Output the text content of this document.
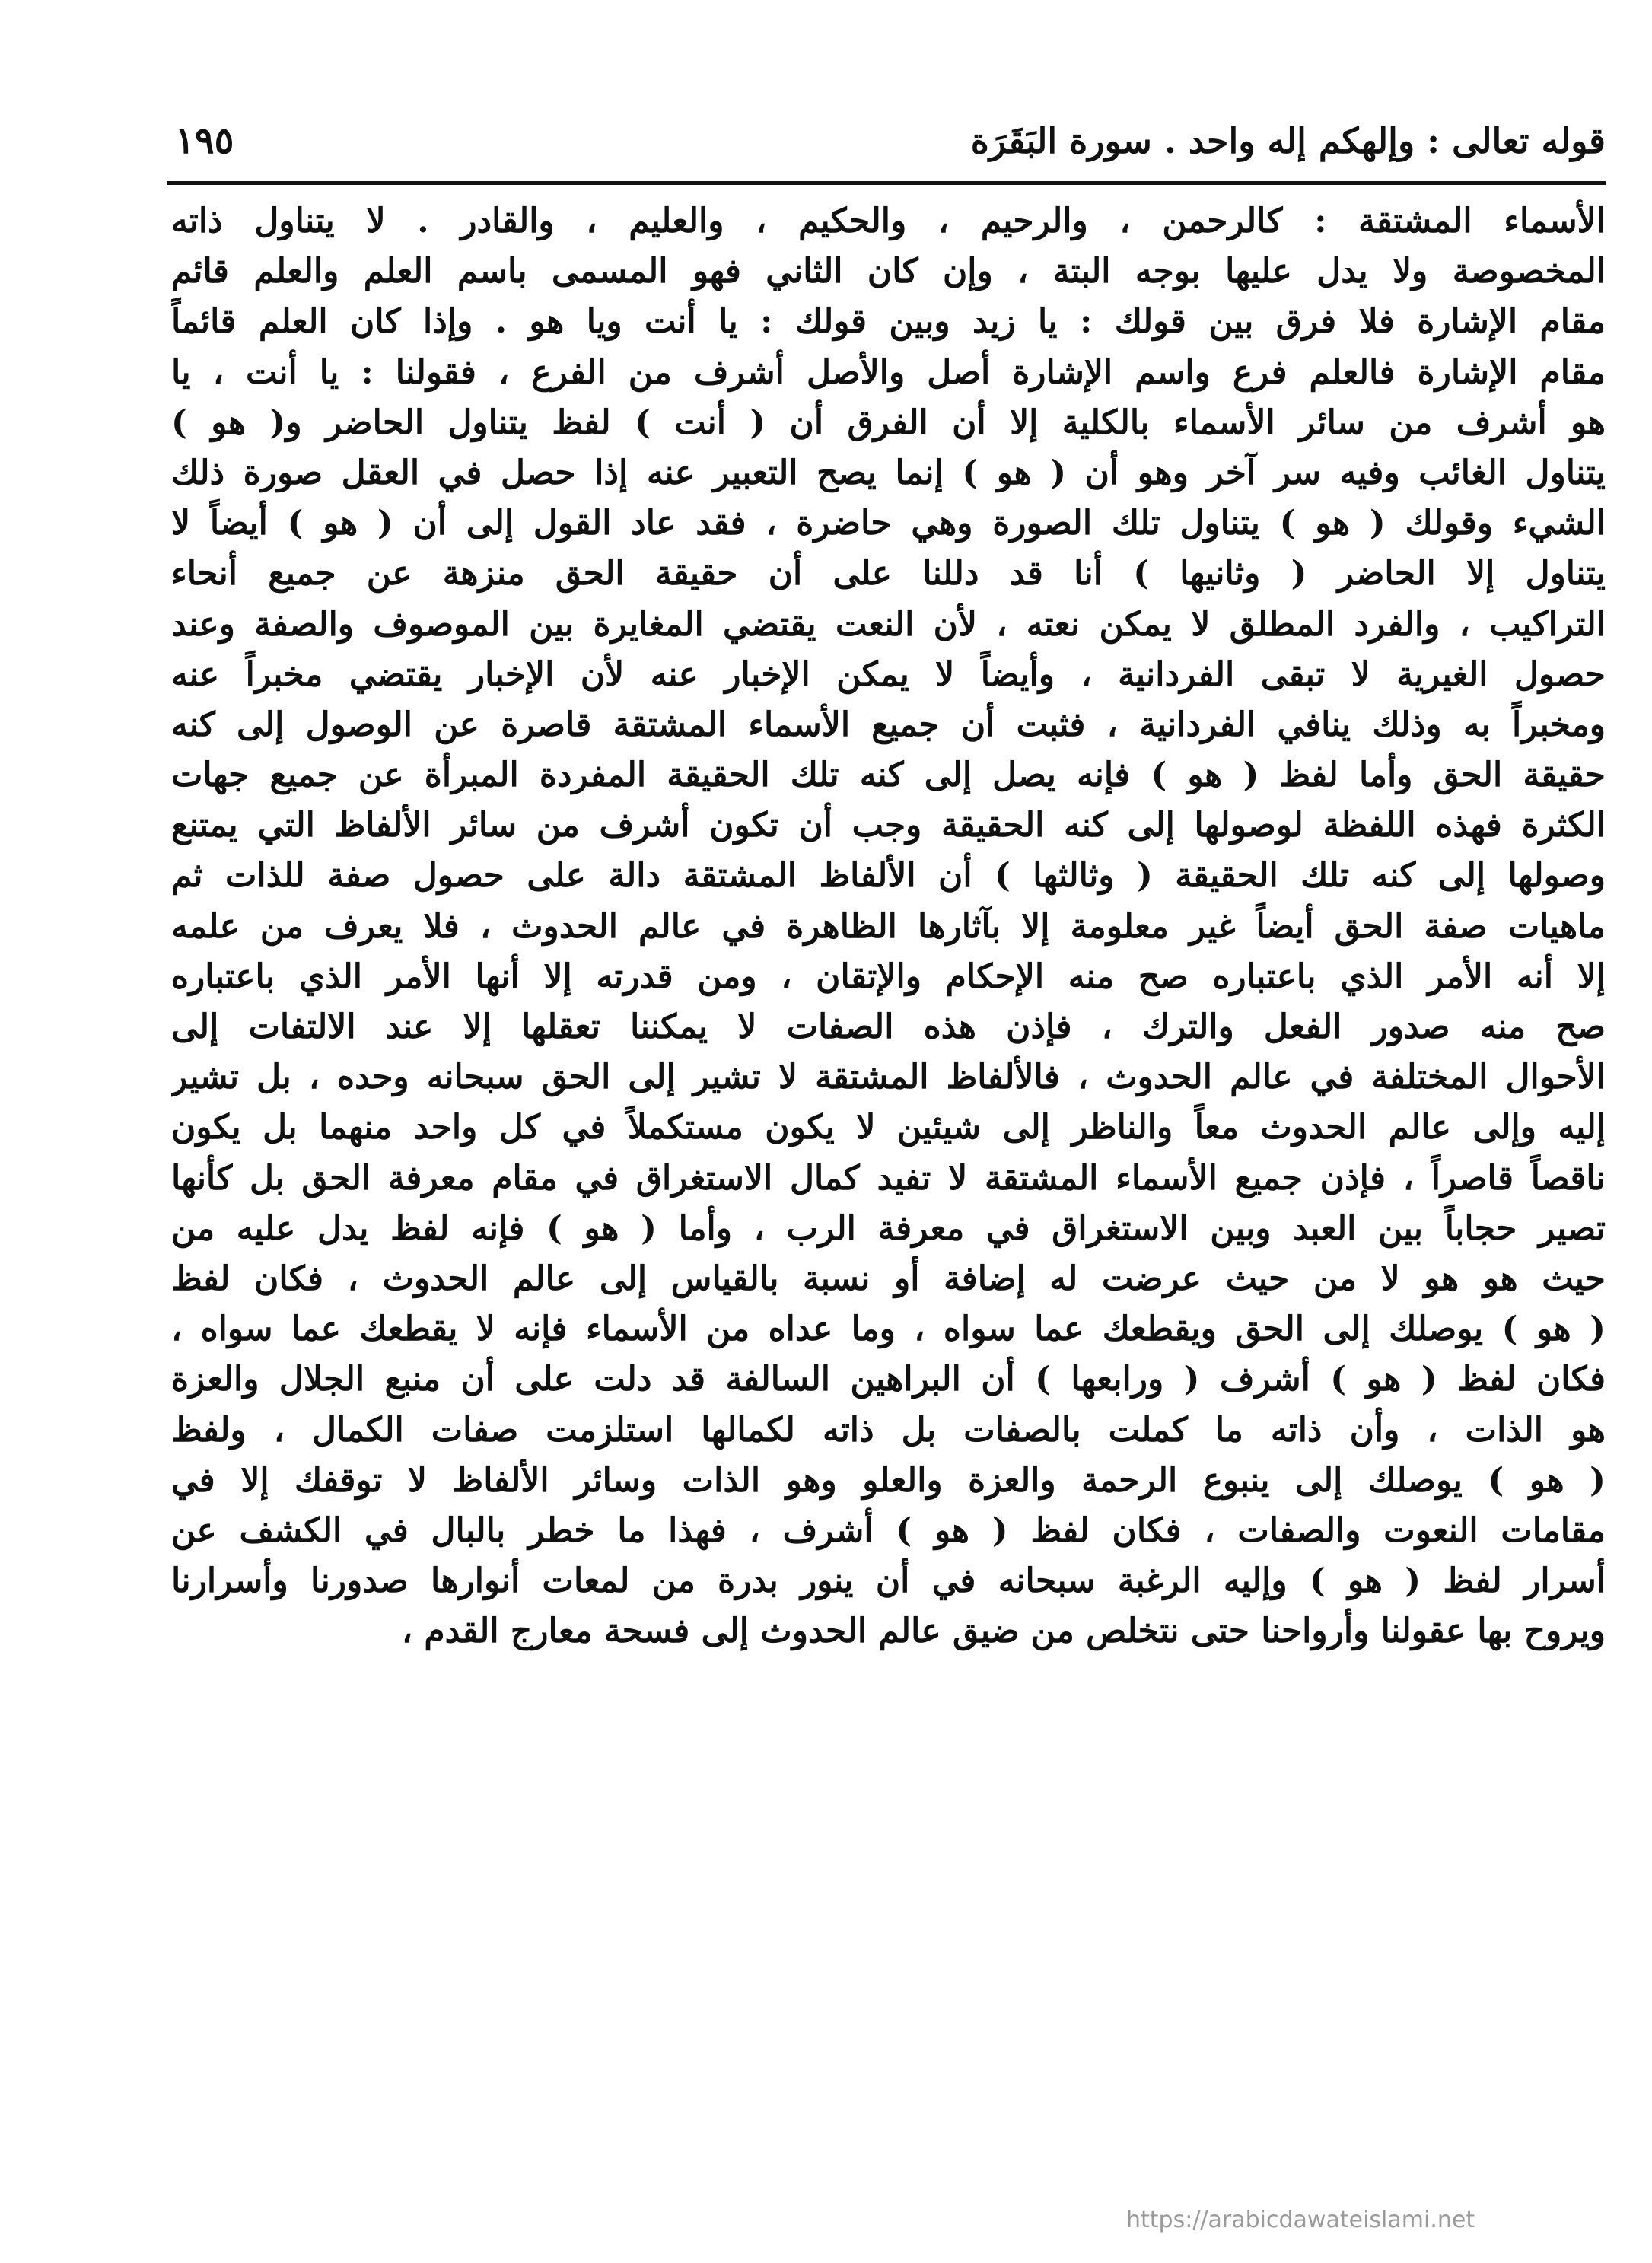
قوله تعالى : وإلهكم إله واحد . سورة البَقَرَة
١٩٥
الأسماء المشتقة : كالرحمن ، والرحيم ، والحكيم ، والعليم ، والقادر . لا يتناول ذاته
المخصوصة ولا يدل عليها بوجه البتة ، وإن كان الثاني فهو المسمى باسم العلم والعلم قائم
مقام الإشارة فلا فرق بين قولك : يا زيد وبين قولك : يا أنت ويا هو . وإذا كان العلم قائماً
مقام الإشارة فالعلم فرع واسم الإشارة أصل والأصل أشرف من الفرع ، فقولنا : يا أنت ، يا
هو أشرف من سائر الأسماء بالكلية إلا أن الفرق أن ( أنت ) لفظ يتناول الحاضر و( هو )
يتناول الغائب وفيه سر آخر وهو أن ( هو ) إنما يصح التعبير عنه إذا حصل في العقل صورة ذلك
الشيء وقولك ( هو ) يتناول تلك الصورة وهي حاضرة ، فقد عاد القول إلى أن ( هو ) أيضاً لا
يتناول إلا الحاضر ( وثانيها ) أنا قد دللنا على أن حقيقة الحق منزهة عن جميع أنحاء
التراكيب ، والفرد المطلق لا يمكن نعته ، لأن النعت يقتضي المغايرة بين الموصوف والصفة وعند
حصول الغيرية لا تبقى الفردانية ، وأيضاً لا يمكن الإخبار عنه لأن الإخبار يقتضي مخبراً عنه
ومخبراً به وذلك ينافي الفردانية ، فثبت أن جميع الأسماء المشتقة قاصرة عن الوصول إلى كنه
حقيقة الحق وأما لفظ ( هو ) فإنه يصل إلى كنه تلك الحقيقة المفردة المبرأة عن جميع جهات
الكثرة فهذه اللفظة لوصولها إلى كنه الحقيقة وجب أن تكون أشرف من سائر الألفاظ التي يمتنع
وصولها إلى كنه تلك الحقيقة ( وثالثها ) أن الألفاظ المشتقة دالة على حصول صفة للذات ثم
ماهيات صفة الحق أيضاً غير معلومة إلا بآثارها الظاهرة في عالم الحدوث ، فلا يعرف من علمه
إلا أنه الأمر الذي باعتباره صح منه الإحكام والإتقان ، ومن قدرته إلا أنها الأمر الذي باعتباره
صح منه صدور الفعل والترك ، فإذن هذه الصفات لا يمكننا تعقلها إلا عند الالتفات إلى
الأحوال المختلفة في عالم الحدوث ، فالألفاظ المشتقة لا تشير إلى الحق سبحانه وحده ، بل تشير
إليه وإلى عالم الحدوث معاً والناظر إلى شيئين لا يكون مستكملاً في كل واحد منهما بل يكون
ناقصاً قاصراً ، فإذن جميع الأسماء المشتقة لا تفيد كمال الاستغراق في مقام معرفة الحق بل كأنها
تصير حجاباً بين العبد وبين الاستغراق في معرفة الرب ، وأما ( هو ) فإنه لفظ يدل عليه من
حيث هو هو لا من حيث عرضت له إضافة أو نسبة بالقياس إلى عالم الحدوث ، فكان لفظ
( هو ) يوصلك إلى الحق ويقطعك عما سواه ، وما عداه من الأسماء فإنه لا يقطعك عما سواه ،
فكان لفظ ( هو ) أشرف ( ورابعها ) أن البراهين السالفة قد دلت على أن منبع الجلال والعزة
هو الذات ، وأن ذاته ما كملت بالصفات بل ذاته لكمالها استلزمت صفات الكمال ، ولفظ
( هو ) يوصلك إلى ينبوع الرحمة والعزة والعلو وهو الذات وسائر الألفاظ لا توقفك إلا في
مقامات النعوت والصفات ، فكان لفظ ( هو ) أشرف ، فهذا ما خطر بالبال في الكشف عن
أسرار لفظ ( هو ) وإليه الرغبة سبحانه في أن ينور بدرة من لمعات أنوارها صدورنا وأسرارنا
ويروح بها عقولنا وأرواحنا حتى نتخلص من ضيق عالم الحدوث إلى فسحة معارج القدم ،
https://arabicdawateislami.net
